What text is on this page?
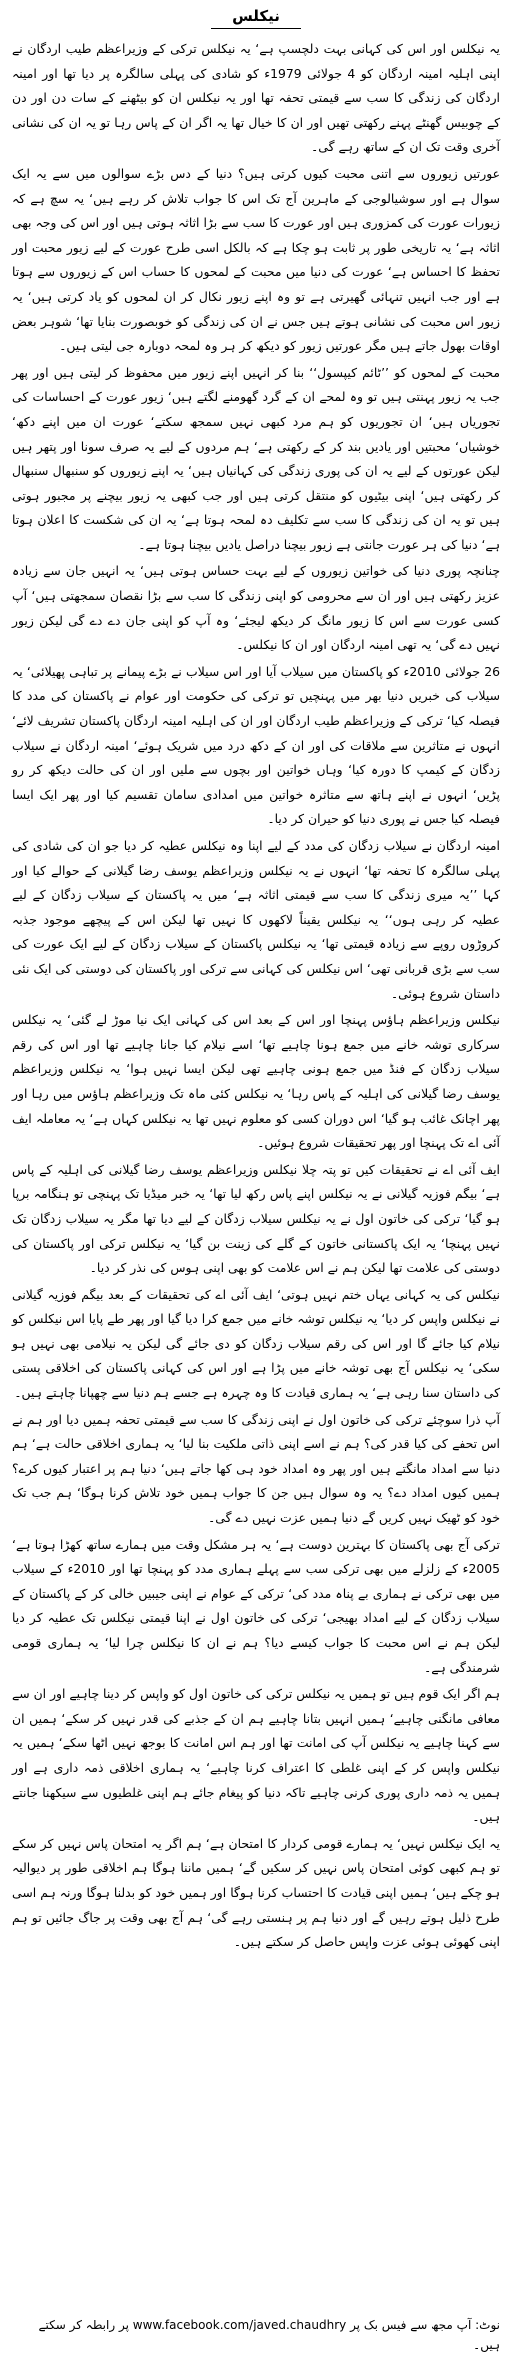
نیکلس

یہ نیکلس اور اس کی کہانی بہت دلچسپ ہے‘ یہ نیکلس ترکی کے وزیراعظم طیب اردگان نے اپنی اہلیہ امینہ اردگان کو 4 جولائی 1979ء کو شادی کی پہلی سالگرہ پر دیا تھا اور امینہ اردگان کی زندگی کا سب سے قیمتی تحفہ تھا اور یہ نیکلس ان کو بیٹھنے کے سات دن اور دن کے چوبیس گھنٹے پہنے رکھتی تھیں اور ان کا خیال تھا یہ اگر ان کے پاس رہا تو یہ ان کی نشانی آخری وقت تک ان کے ساتھ رہے گی۔

عورتیں زیوروں سے اتنی محبت کیوں کرتی ہیں؟ دنیا کے دس بڑے سوالوں میں سے یہ ایک سوال ہے اور سوشیالوجی کے ماہرین آج تک اس کا جواب تلاش کر رہے ہیں‘ یہ سچ ہے کہ زیورات عورت کی کمزوری ہیں اور عورت کا سب سے بڑا اثاثہ ہوتی ہیں اور اس کی وجہ بھی اثاثہ ہے‘ یہ تاریخی طور پر ثابت ہو چکا ہے کہ بالکل اسی طرح عورت کے لیے زیور محبت اور تحفظ کا احساس ہے‘ عورت کی دنیا میں محبت کے لمحوں کا حساب اس کے زیوروں سے ہوتا ہے اور جب انہیں تنہائی گھیرتی ہے تو وہ اپنے زیور نکال کر ان لمحوں کو یاد کرتی ہیں‘ یہ زیور اس محبت کی نشانی ہوتے ہیں جس نے ان کی زندگی کو خوبصورت بنایا تھا‘ شوہر بعض اوقات بھول جاتے ہیں مگر عورتیں زیور کو دیکھ کر ہر وہ لمحہ دوبارہ جی لیتی ہیں۔

محبت کے لمحوں کو ’’ٹائم کیپسول‘‘ بنا کر انہیں اپنے زیور میں محفوظ کر لیتی ہیں اور پھر جب یہ زیور پہنتی ہیں تو وہ لمحے ان کے گرد گھومنے لگتے ہیں‘ زیور عورت کے احساسات کی تجوریاں ہیں‘ ان تجوریوں کو ہم مرد کبھی نہیں سمجھ سکتے‘ عورت ان میں اپنے دکھ‘ خوشیاں‘ محبتیں اور یادیں بند کر کے رکھتی ہے‘ ہم مردوں کے لیے یہ صرف سونا اور پتھر ہیں لیکن عورتوں کے لیے یہ ان کی پوری زندگی کی کہانیاں ہیں‘ یہ اپنے زیوروں کو سنبھال سنبھال کر رکھتی ہیں‘ اپنی بیٹیوں کو منتقل کرتی ہیں اور جب کبھی یہ زیور بیچنے پر مجبور ہوتی ہیں تو یہ ان کی زندگی کا سب سے تکلیف دہ لمحہ ہوتا ہے‘ یہ ان کی شکست کا اعلان ہوتا ہے‘ دنیا کی ہر عورت جانتی ہے زیور بیچنا دراصل یادیں بیچنا ہوتا ہے۔

چنانچہ پوری دنیا کی خواتین زیوروں کے لیے بہت حساس ہوتی ہیں‘ یہ انہیں جان سے زیادہ عزیز رکھتی ہیں اور ان سے محرومی کو اپنی زندگی کا سب سے بڑا نقصان سمجھتی ہیں‘ آپ کسی عورت سے اس کا زیور مانگ کر دیکھ لیجئے‘ وہ آپ کو اپنی جان دے دے گی لیکن زیور نہیں دے گی‘ یہ تھی امینہ اردگان اور ان کا نیکلس۔

26 جولائی 2010ء کو پاکستان میں سیلاب آیا اور اس سیلاب نے بڑے پیمانے پر تباہی پھیلائی‘ یہ سیلاب کی خبریں دنیا بھر میں پہنچیں تو ترکی کی حکومت اور عوام نے پاکستان کی مدد کا فیصلہ کیا‘ ترکی کے وزیراعظم طیب اردگان اور ان کی اہلیہ امینہ اردگان پاکستان تشریف لائے‘ انہوں نے متاثرین سے ملاقات کی اور ان کے دکھ درد میں شریک ہوئے‘ امینہ اردگان نے سیلاب زدگان کے کیمپ کا دورہ کیا‘ وہاں خواتین اور بچوں سے ملیں اور ان کی حالت دیکھ کر رو پڑیں‘ انہوں نے اپنے ہاتھ سے متاثرہ خواتین میں امدادی سامان تقسیم کیا اور پھر ایک ایسا فیصلہ کیا جس نے پوری دنیا کو حیران کر دیا۔

امینہ اردگان نے سیلاب زدگان کی مدد کے لیے اپنا وہ نیکلس عطیہ کر دیا جو ان کی شادی کی پہلی سالگرہ کا تحفہ تھا‘ انہوں نے یہ نیکلس وزیراعظم یوسف رضا گیلانی کے حوالے کیا اور کہا ’’یہ میری زندگی کا سب سے قیمتی اثاثہ ہے‘ میں یہ پاکستان کے سیلاب زدگان کے لیے عطیہ کر رہی ہوں‘‘ یہ نیکلس یقیناً لاکھوں کا نہیں تھا لیکن اس کے پیچھے موجود جذبہ کروڑوں روپے سے زیادہ قیمتی تھا‘ یہ نیکلس پاکستان کے سیلاب زدگان کے لیے ایک عورت کی سب سے بڑی قربانی تھی‘ اس نیکلس کی کہانی سے ترکی اور پاکستان کی دوستی کی ایک نئی داستان شروع ہوئی۔

نیکلس وزیراعظم ہاؤس پہنچا اور اس کے بعد اس کی کہانی ایک نیا موڑ لے گئی‘ یہ نیکلس سرکاری توشہ خانے میں جمع ہونا چاہیے تھا‘ اسے نیلام کیا جانا چاہیے تھا اور اس کی رقم سیلاب زدگان کے فنڈ میں جمع ہونی چاہیے تھی لیکن ایسا نہیں ہوا‘ یہ نیکلس وزیراعظم یوسف رضا گیلانی کی اہلیہ کے پاس رہا‘ یہ نیکلس کئی ماہ تک وزیراعظم ہاؤس میں رہا اور پھر اچانک غائب ہو گیا‘ اس دوران کسی کو معلوم نہیں تھا یہ نیکلس کہاں ہے‘ یہ معاملہ ایف آئی اے تک پہنچا اور پھر تحقیقات شروع ہوئیں۔

ایف آئی اے نے تحقیقات کیں تو پتہ چلا نیکلس وزیراعظم یوسف رضا گیلانی کی اہلیہ کے پاس ہے‘ بیگم فوزیہ گیلانی نے یہ نیکلس اپنے پاس رکھ لیا تھا‘ یہ خبر میڈیا تک پہنچی تو ہنگامہ برپا ہو گیا‘ ترکی کی خاتون اول نے یہ نیکلس سیلاب زدگان کے لیے دیا تھا مگر یہ سیلاب زدگان تک نہیں پہنچا‘ یہ ایک پاکستانی خاتون کے گلے کی زینت بن گیا‘ یہ نیکلس ترکی اور پاکستان کی دوستی کی علامت تھا لیکن ہم نے اس علامت کو بھی اپنی ہوس کی نذر کر دیا۔

نیکلس کی یہ کہانی یہاں ختم نہیں ہوتی‘ ایف آئی اے کی تحقیقات کے بعد بیگم فوزیہ گیلانی نے نیکلس واپس کر دیا‘ یہ نیکلس توشہ خانے میں جمع کرا دیا گیا اور پھر طے پایا اس نیکلس کو نیلام کیا جائے گا اور اس کی رقم سیلاب زدگان کو دی جائے گی لیکن یہ نیلامی بھی نہیں ہو سکی‘ یہ نیکلس آج بھی توشہ خانے میں پڑا ہے اور اس کی کہانی پاکستان کی اخلاقی پستی کی داستان سنا رہی ہے‘ یہ ہماری قیادت کا وہ چہرہ ہے جسے ہم دنیا سے چھپانا چاہتے ہیں۔

آپ ذرا سوچئے ترکی کی خاتون اول نے اپنی زندگی کا سب سے قیمتی تحفہ ہمیں دیا اور ہم نے اس تحفے کی کیا قدر کی؟ ہم نے اسے اپنی ذاتی ملکیت بنا لیا‘ یہ ہماری اخلاقی حالت ہے‘ ہم دنیا سے امداد مانگتے ہیں اور پھر وہ امداد خود ہی کھا جاتے ہیں‘ دنیا ہم پر اعتبار کیوں کرے؟ ہمیں کیوں امداد دے؟ یہ وہ سوال ہیں جن کا جواب ہمیں خود تلاش کرنا ہوگا‘ ہم جب تک خود کو ٹھیک نہیں کریں گے دنیا ہمیں عزت نہیں دے گی۔

ترکی آج بھی پاکستان کا بہترین دوست ہے‘ یہ ہر مشکل وقت میں ہمارے ساتھ کھڑا ہوتا ہے‘ 2005ء کے زلزلے میں بھی ترکی سب سے پہلے ہماری مدد کو پہنچا تھا اور 2010ء کے سیلاب میں بھی ترکی نے ہماری بے پناہ مدد کی‘ ترکی کے عوام نے اپنی جیبیں خالی کر کے پاکستان کے سیلاب زدگان کے لیے امداد بھیجی‘ ترکی کی خاتون اول نے اپنا قیمتی نیکلس تک عطیہ کر دیا لیکن ہم نے اس محبت کا جواب کیسے دیا؟ ہم نے ان کا نیکلس چرا لیا‘ یہ ہماری قومی شرمندگی ہے۔

ہم اگر ایک قوم ہیں تو ہمیں یہ نیکلس ترکی کی خاتون اول کو واپس کر دینا چاہیے اور ان سے معافی مانگنی چاہیے‘ ہمیں انہیں بتانا چاہیے ہم ان کے جذبے کی قدر نہیں کر سکے‘ ہمیں ان سے کہنا چاہیے یہ نیکلس آپ کی امانت تھا اور ہم اس امانت کا بوجھ نہیں اٹھا سکے‘ ہمیں یہ نیکلس واپس کر کے اپنی غلطی کا اعتراف کرنا چاہیے‘ یہ ہماری اخلاقی ذمہ داری ہے اور ہمیں یہ ذمہ داری پوری کرنی چاہیے تاکہ دنیا کو پیغام جائے ہم اپنی غلطیوں سے سیکھنا جانتے ہیں۔

یہ ایک نیکلس نہیں‘ یہ ہمارے قومی کردار کا امتحان ہے‘ ہم اگر یہ امتحان پاس نہیں کر سکے تو ہم کبھی کوئی امتحان پاس نہیں کر سکیں گے‘ ہمیں ماننا ہوگا ہم اخلاقی طور پر دیوالیہ ہو چکے ہیں‘ ہمیں اپنی قیادت کا احتساب کرنا ہوگا اور ہمیں خود کو بدلنا ہوگا ورنہ ہم اسی طرح ذلیل ہوتے رہیں گے اور دنیا ہم پر ہنستی رہے گی‘ ہم آج بھی وقت پر جاگ جائیں تو ہم اپنی کھوئی ہوئی عزت واپس حاصل کر سکتے ہیں۔

نوٹ: آپ مجھ سے فیس بک پر www.facebook.com/javed.chaudhry پر رابطہ کر سکتے ہیں۔
